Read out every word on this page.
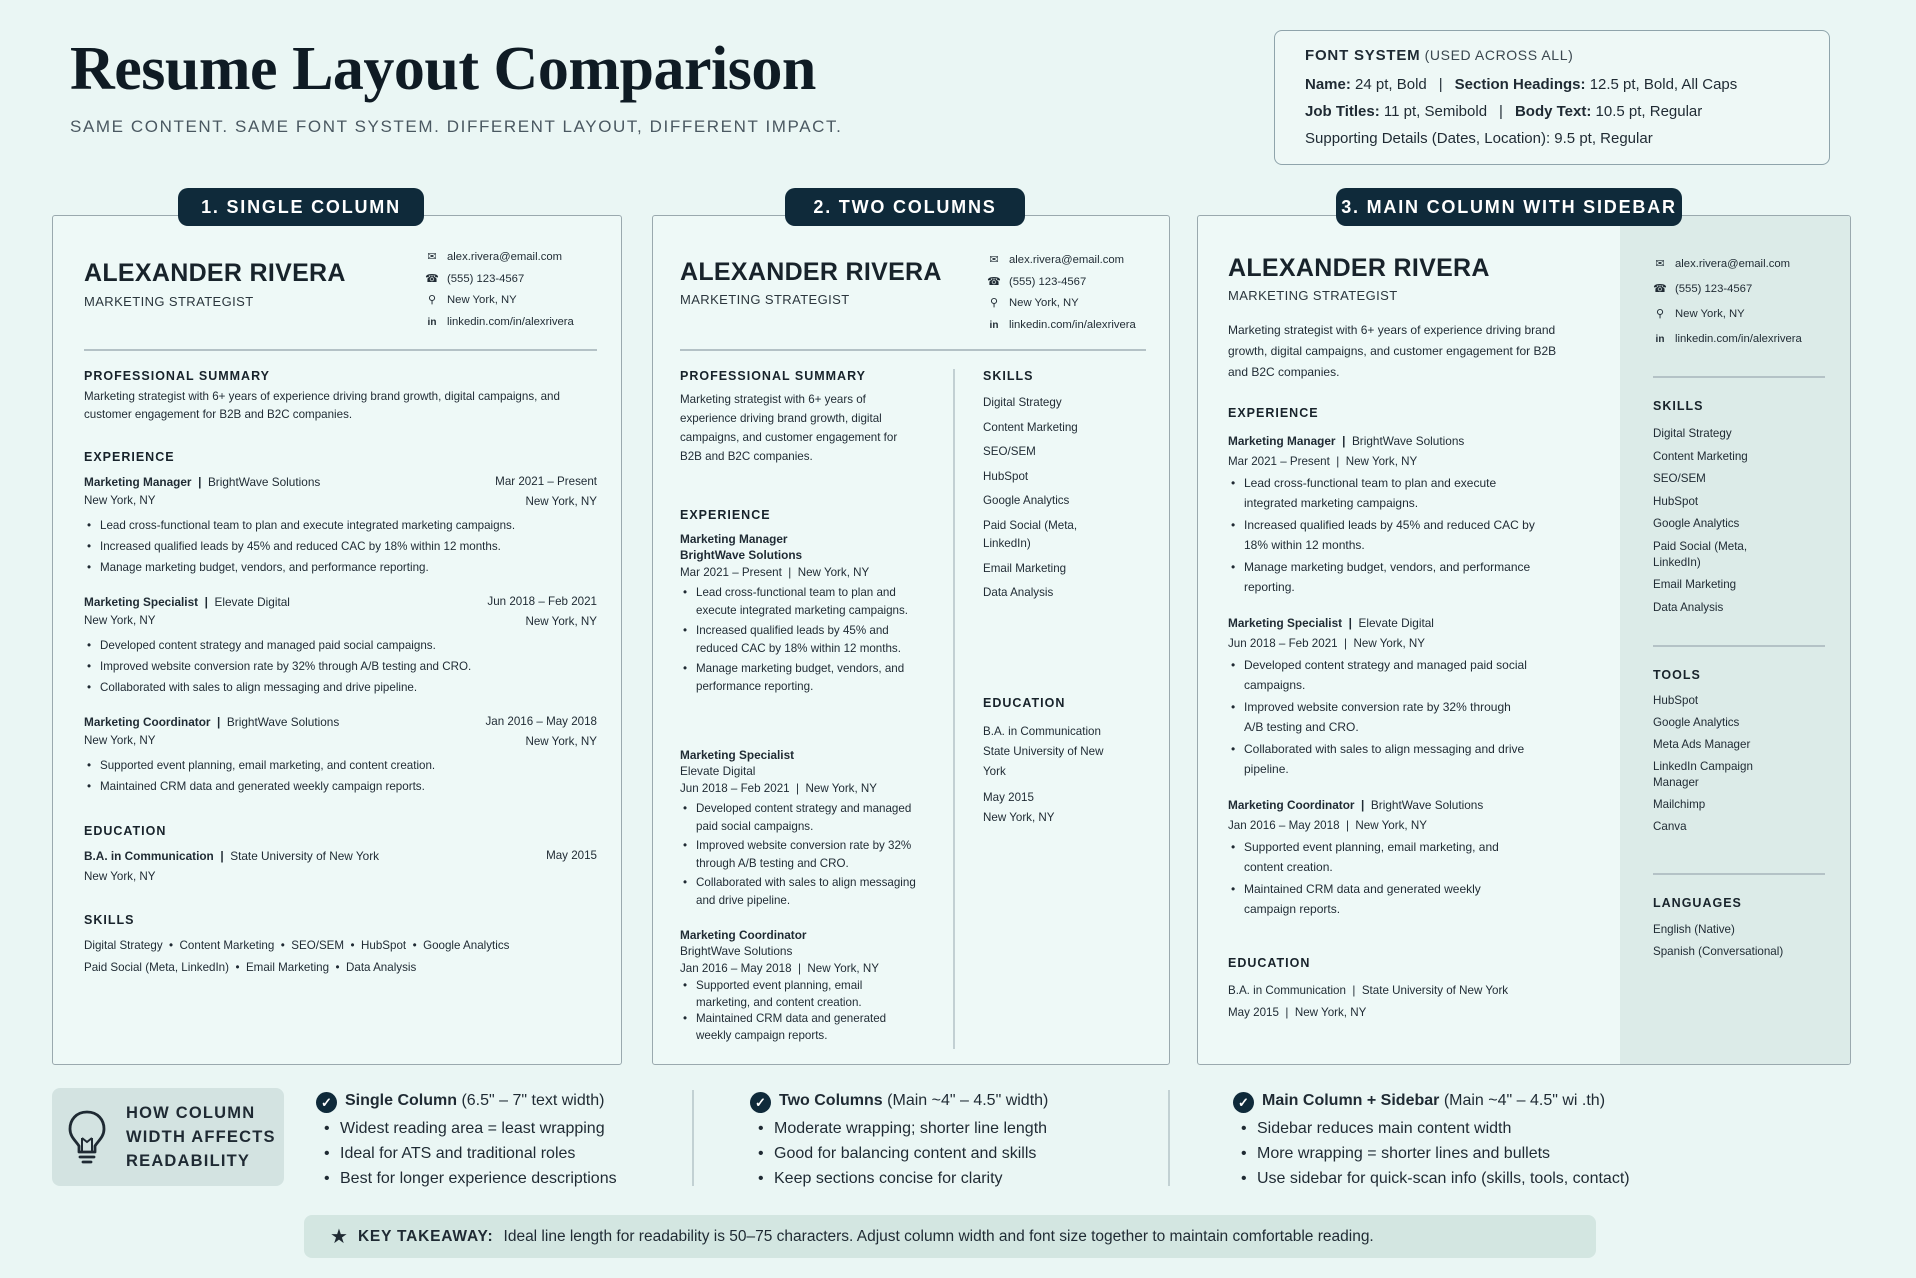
Resume Layout Comparison
SAME CONTENT. SAME FONT SYSTEM. DIFFERENT LAYOUT, DIFFERENT IMPACT.
FONT SYSTEM (USED ACROSS ALL)
Name: 24 pt, Bold | Section Headings: 12.5 pt, Bold, All Caps
Job Titles: 11 pt, Semibold | Body Text: 10.5 pt, Regular
Supporting Details (Dates, Location): 9.5 pt, Regular
1. SINGLE COLUMN	2. TWO COLUMNS	3. MAIN COLUMN WITH SIDEBAR
ALEXANDER RIVERA
MARKETING STRATEGIST
✉ alex.rivera@email.com
☎ (555) 123-4567
⚲ New York, NY
in linkedin.com/in/alexrivera
PROFESSIONAL SUMMARY
Marketing strategist with 6+ years of experience driving brand growth, digital campaigns, and customer engagement for B2B and B2C companies.
EXPERIENCE
Marketing Manager  |  BrightWave Solutions	Mar 2021 – Present
New York, NY	New York, NY
• Lead cross-functional team to plan and execute integrated marketing campaigns.
• Increased qualified leads by 45% and reduced CAC by 18% within 12 months.
• Manage marketing budget, vendors, and performance reporting.
Marketing Specialist  |  Elevate Digital	Jun 2018 – Feb 2021
New York, NY	New York, NY
• Developed content strategy and managed paid social campaigns.
• Improved website conversion rate by 32% through A/B testing and CRO.
• Collaborated with sales to align messaging and drive pipeline.
Marketing Coordinator  |  BrightWave Solutions	Jan 2016 – May 2018
New York, NY	New York, NY
• Supported event planning, email marketing, and content creation.
• Maintained CRM data and generated weekly campaign reports.
EDUCATION
B.A. in Communication  |  State University of New York	May 2015
New York, NY
SKILLS
Digital Strategy  •  Content Marketing  •  SEO/SEM  •  HubSpot  •  Google Analytics
Paid Social (Meta, LinkedIn)  •  Email Marketing  •  Data Analysis
ALEXANDER RIVERA
MARKETING STRATEGIST
✉ alex.rivera@email.com
☎ (555) 123-4567
⚲ New York, NY
in linkedin.com/in/alexrivera
PROFESSIONAL SUMMARY
Marketing strategist with 6+ years of experience driving brand growth, digital campaigns, and customer engagement for B2B and B2C companies.
EXPERIENCE
Marketing Manager
BrightWave Solutions
Mar 2021 – Present  |  New York, NY
• Lead cross-functional team to plan and execute integrated marketing campaigns.
• Increased qualified leads by 45% and reduced CAC by 18% within 12 months.
• Manage marketing budget, vendors, and performance reporting.
Marketing Specialist
Elevate Digital
Jun 2018 – Feb 2021  |  New York, NY
• Developed content strategy and managed paid social campaigns.
• Improved website conversion rate by 32% through A/B testing and CRO.
• Collaborated with sales to align messaging and drive pipeline.
Marketing Coordinator
BrightWave Solutions
Jan 2016 – May 2018  |  New York, NY
• Supported event planning, email marketing, and content creation.
• Maintained CRM data and generated weekly campaign reports.
SKILLS
Digital Strategy
Content Marketing
SEO/SEM
HubSpot
Google Analytics
Paid Social (Meta, LinkedIn)
Email Marketing
Data Analysis
EDUCATION
B.A. in Communication
State University of New York
May 2015
New York, NY
ALEXANDER RIVERA
MARKETING STRATEGIST
Marketing strategist with 6+ years of experience driving brand growth, digital campaigns, and customer engagement for B2B and B2C companies.
EXPERIENCE
Marketing Manager  |  BrightWave Solutions
Mar 2021 – Present  |  New York, NY
• Lead cross-functional team to plan and execute integrated marketing campaigns.
• Increased qualified leads by 45% and reduced CAC by 18% within 12 months.
• Manage marketing budget, vendors, and performance reporting.
Marketing Specialist  |  Elevate Digital
Jun 2018 – Feb 2021  |  New York, NY
• Developed content strategy and managed paid social campaigns.
• Improved website conversion rate by 32% through A/B testing and CRO.
• Collaborated with sales to align messaging and drive pipeline.
Marketing Coordinator  |  BrightWave Solutions
Jan 2016 – May 2018  |  New York, NY
• Supported event planning, email marketing, and content creation.
• Maintained CRM data and generated weekly campaign reports.
EDUCATION
B.A. in Communication  |  State University of New York
May 2015  |  New York, NY
✉ alex.rivera@email.com
☎ (555) 123-4567
⚲ New York, NY
in linkedin.com/in/alexrivera
SKILLS
Digital Strategy
Content Marketing
SEO/SEM
HubSpot
Google Analytics
Paid Social (Meta, LinkedIn)
Email Marketing
Data Analysis
TOOLS
HubSpot
Google Analytics
Meta Ads Manager
LinkedIn Campaign Manager
Mailchimp
Canva
LANGUAGES
English (Native)
Spanish (Conversational)
HOW COLUMN WIDTH AFFECTS READABILITY
✓ Single Column (6.5" – 7" text width)
• Widest reading area = least wrapping
• Ideal for ATS and traditional roles
• Best for longer experience descriptions
✓ Two Columns (Main ~4" – 4.5" width)
• Moderate wrapping; shorter line length
• Good for balancing content and skills
• Keep sections concise for clarity
✓ Main Column + Sidebar (Main ~4" – 4.5" wi .th)
• Sidebar reduces main content width
• More wrapping = shorter lines and bullets
• Use sidebar for quick-scan info (skills, tools, contact)
★ KEY TAKEAWAY: Ideal line length for readability is 50–75 characters. Adjust column width and font size together to maintain comfortable reading.
